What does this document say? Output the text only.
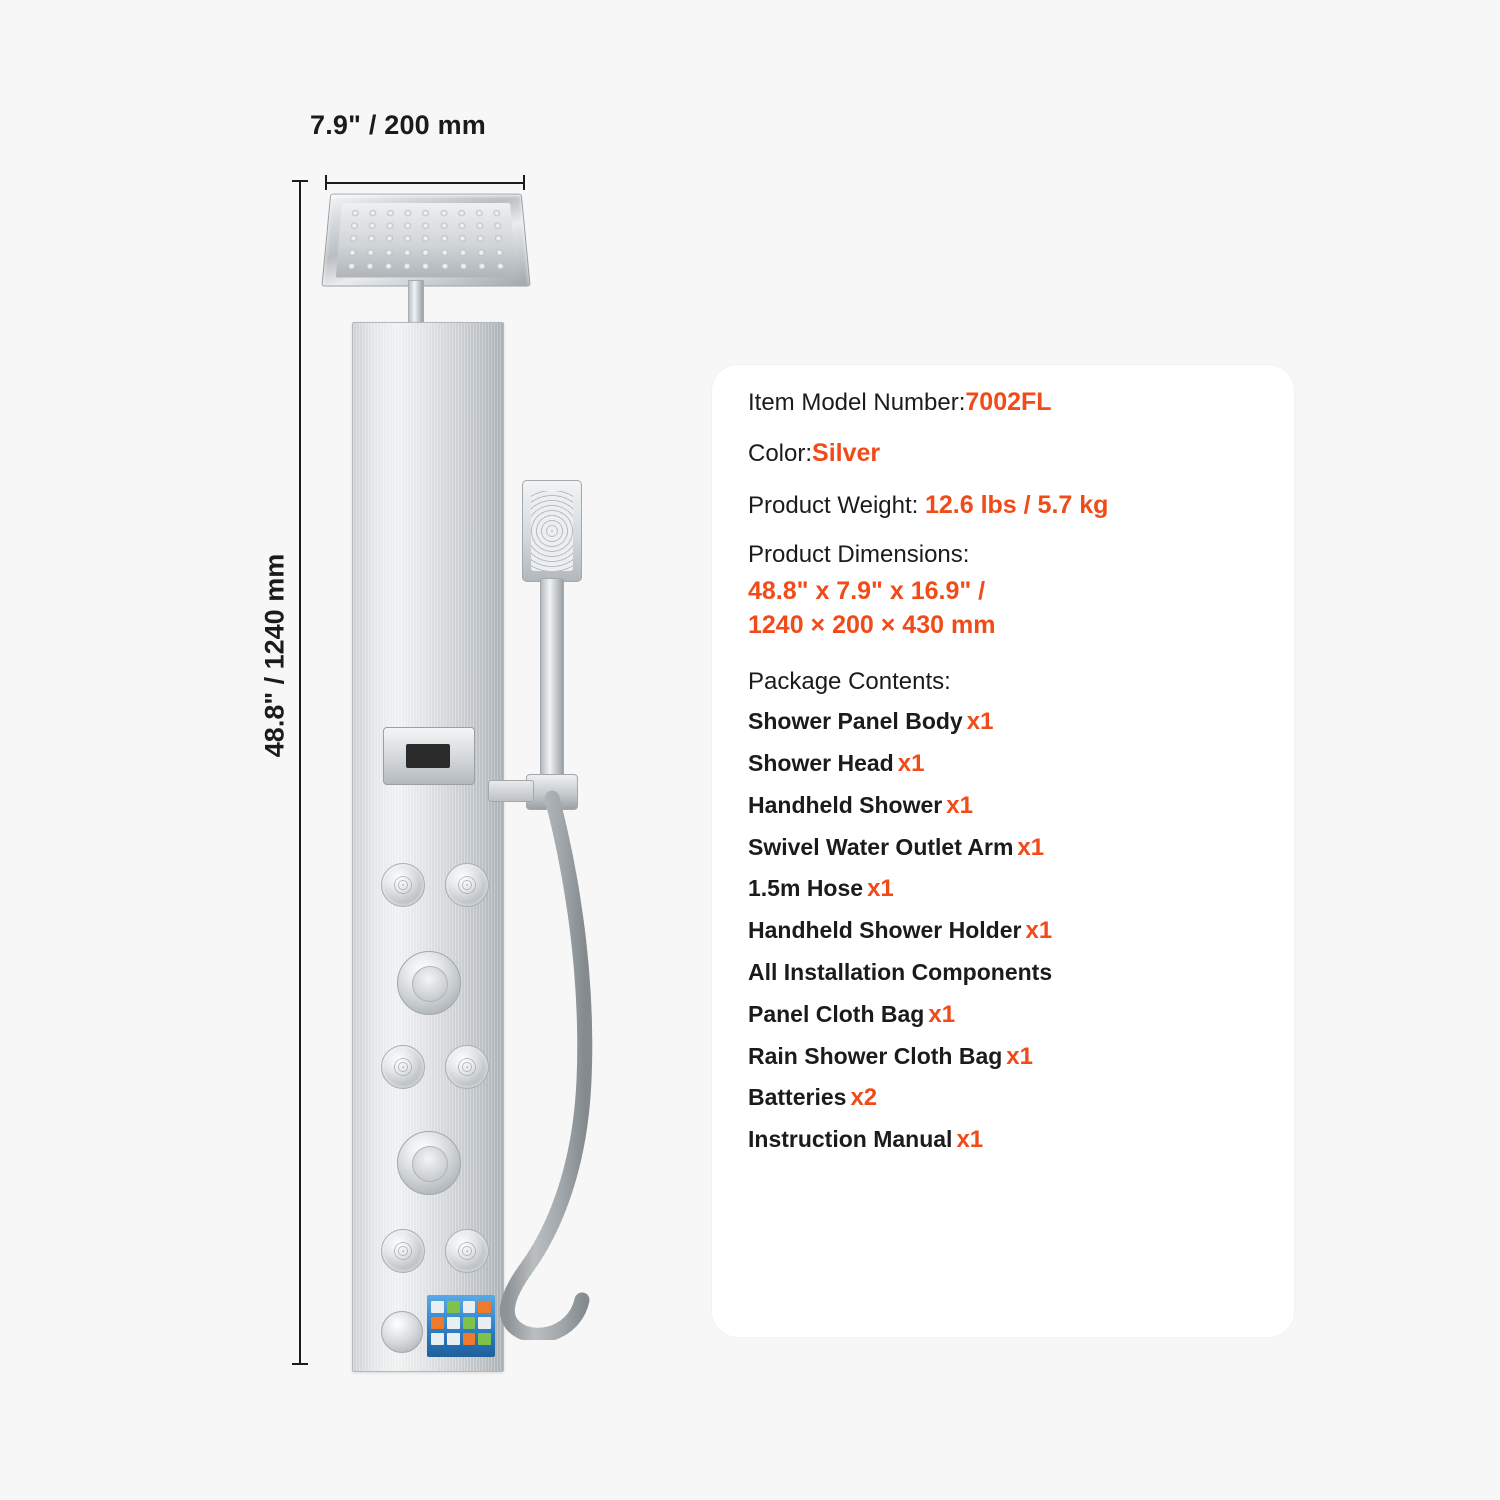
7.9" / 200 mm
48.8" / 1240 mm
Item Model Number:7002FL
Color:Silver
Product Weight: 12.6 lbs / 5.7 kg
Product Dimensions:
48.8" x 7.9" x 16.9" /
1240 × 200 × 430 mm
Package Contents:
Shower Panel Body x1
Shower Head x1
Handheld Shower x1
Swivel Water Outlet Arm x1
1.5m Hose x1
Handheld Shower Holder x1
All Installation Components
Panel Cloth Bag x1
Rain Shower Cloth Bag x1
Batteries x2
Instruction Manual x1
